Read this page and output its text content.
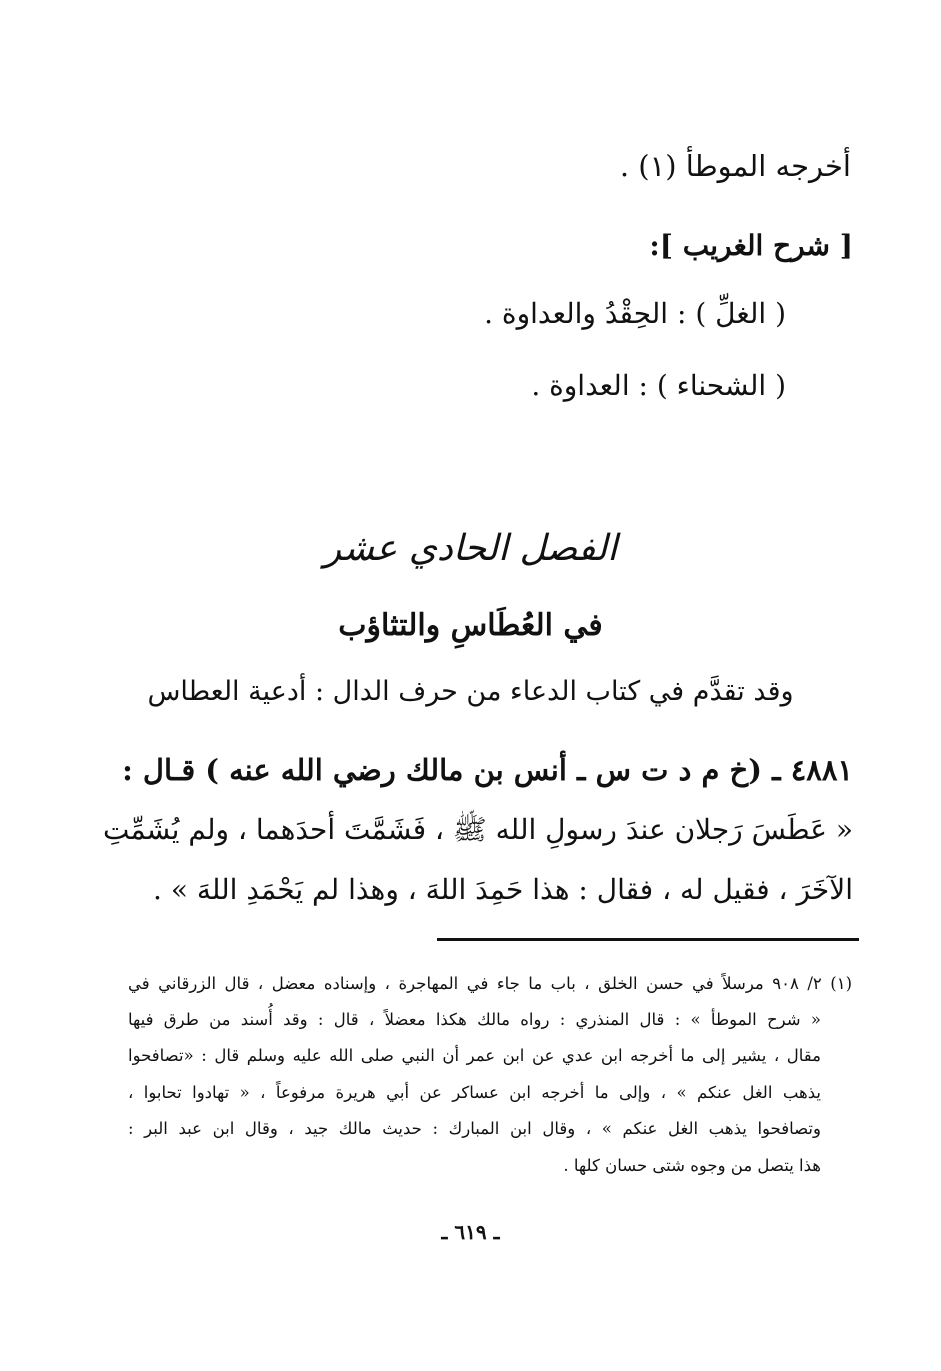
أخرجه الموطأ (١) .
[ شرح الغريب ]:
( الغلِّ ) : الحِقْدُ والعداوة .
( الشحناء ) : العداوة .
الفصل الحادي عشر
في العُطَاسِ والتثاؤب
وقد تقدَّم في كتاب الدعاء من حرف الدال : أدعية العطاس
٤٨٨١ ـ (خ م د ت س ـ أنس بن مالك رضي الله عنه ) قـال :
« عَطَسَ رَجلان عندَ رسولِ الله ﷺ ، فَشَمَّتَ أحدَهما ، ولم يُشَمِّتِ
الآخَرَ ، فقيل له ، فقال : هذا حَمِدَ اللهَ ، وهذا لم يَحْمَدِ اللهَ » .
(١) ٢/ ٩٠٨ مرسلاً في حسن الخلق ، باب ما جاء في المهاجرة ، وإسناده معضل ، قال الزرقاني في
« شرح الموطأ » : قال المنذري : رواه مالك هكذا معضلاً ، قال : وقد أُسند من طرق فيها
مقال ، يشير إلى ما أخرجه ابن عدي عن ابن عمر أن النبي صلى الله عليه وسلم قال : «تصافحوا
يذهب الغل عنكم » ، وإلى ما أخرجه ابن عساكر عن أبي هريرة مرفوعاً ، « تهادوا تحابوا ،
وتصافحوا يذهب الغل عنكم » ، وقال ابن المبارك : حديث مالك جيد ، وقال ابن عبد البر :
هذا يتصل من وجوه شتى حسان كلها .
ـ ٦١٩ ـ
